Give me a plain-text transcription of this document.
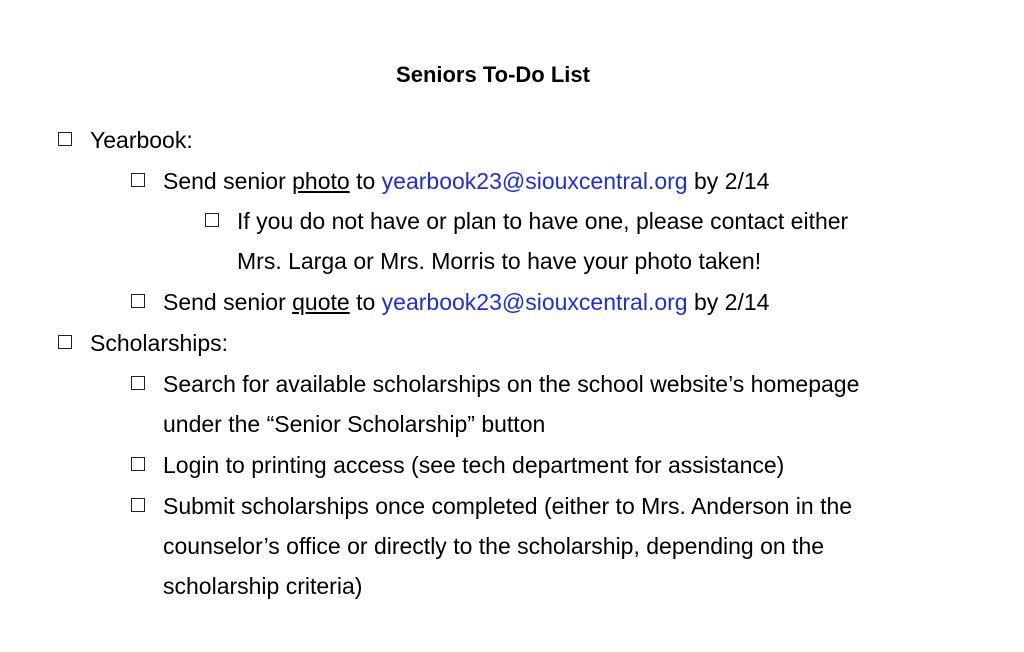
Seniors To-Do List
Yearbook:
Send senior photo to yearbook23@siouxcentral.org by 2/14
If you do not have or plan to have one, please contact either
Mrs. Larga or Mrs. Morris to have your photo taken!
Send senior quote to yearbook23@siouxcentral.org by 2/14
Scholarships:
Search for available scholarships on the school website’s homepage
under the “Senior Scholarship” button
Login to printing access (see tech department for assistance)
Submit scholarships once completed (either to Mrs. Anderson in the
counselor’s office or directly to the scholarship, depending on the
scholarship criteria)
